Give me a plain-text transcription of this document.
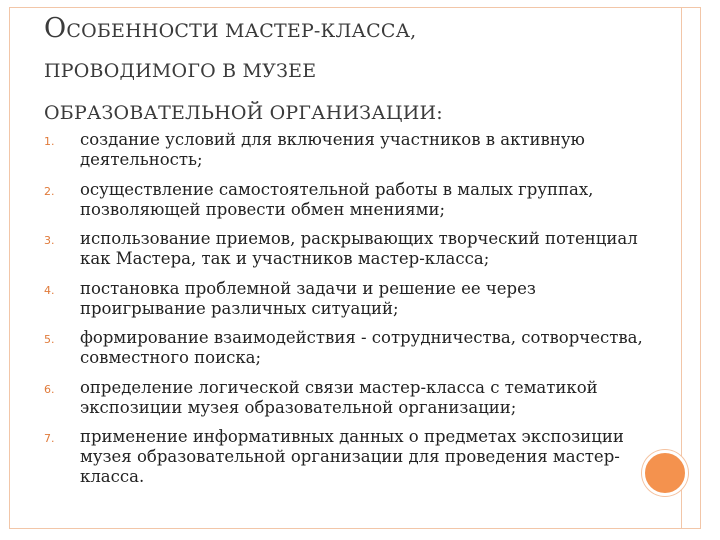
ОСОБЕННОСТИ МАСТЕР-КЛАССА,
ПРОВОДИМОГО В МУЗЕЕ
ОБРАЗОВАТЕЛЬНОЙ ОРГАНИЗАЦИИ:
1. создание условий для включения участников в активную деятельность;
2. осуществление самостоятельной работы в малых группах, позволяющей провести обмен мнениями;
3. использование приемов, раскрывающих творческий потенциал как Мастера, так и участников мастер-класса;
4. постановка проблемной задачи и решение ее через проигрывание различных ситуаций;
5. формирование взаимодействия - сотрудничества, сотворчества, совместного поиска;
6. определение логической связи мастер-класса с тематикой экспозиции музея образовательной организации;
7. применение информативных данных о предметах экспозиции музея образовательной организации для проведения мастер- класса.
